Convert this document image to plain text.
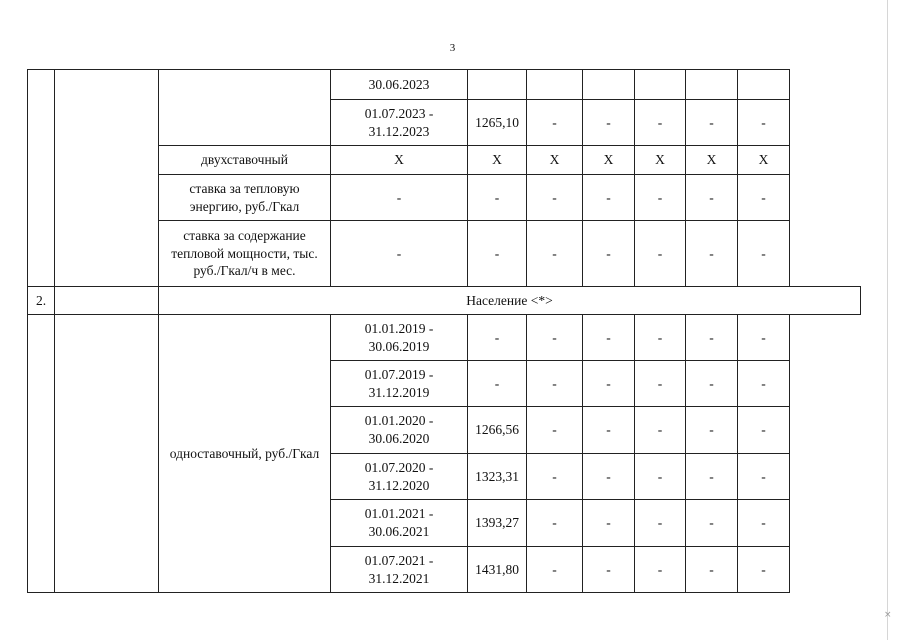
3
			30.06.2023						
			01.07.2023 - 31.12.2023	1265,10	-	-	-	-	-
		двухставочный	X	X	X	X	X	X	X
		ставка за тепловую энергию, руб./Гкал	-	-	-	-	-	-	-
		ставка за содержание тепловой мощности, тыс. руб./Гкал/ч в мес.	-	-	-	-	-	-	-
2.		Население <*>							
		одноставочный, руб./Гкал	01.01.2019 - 30.06.2019	-	-	-	-	-	-
			01.07.2019 - 31.12.2019	-	-	-	-	-	-
			01.01.2020 - 30.06.2020	1266,56	-	-	-	-	-
			01.07.2020 - 31.12.2020	1323,31	-	-	-	-	-
			01.01.2021 - 30.06.2021	1393,27	-	-	-	-	-
			01.07.2021 - 31.12.2021	1431,80	-	-	-	-	-
×
